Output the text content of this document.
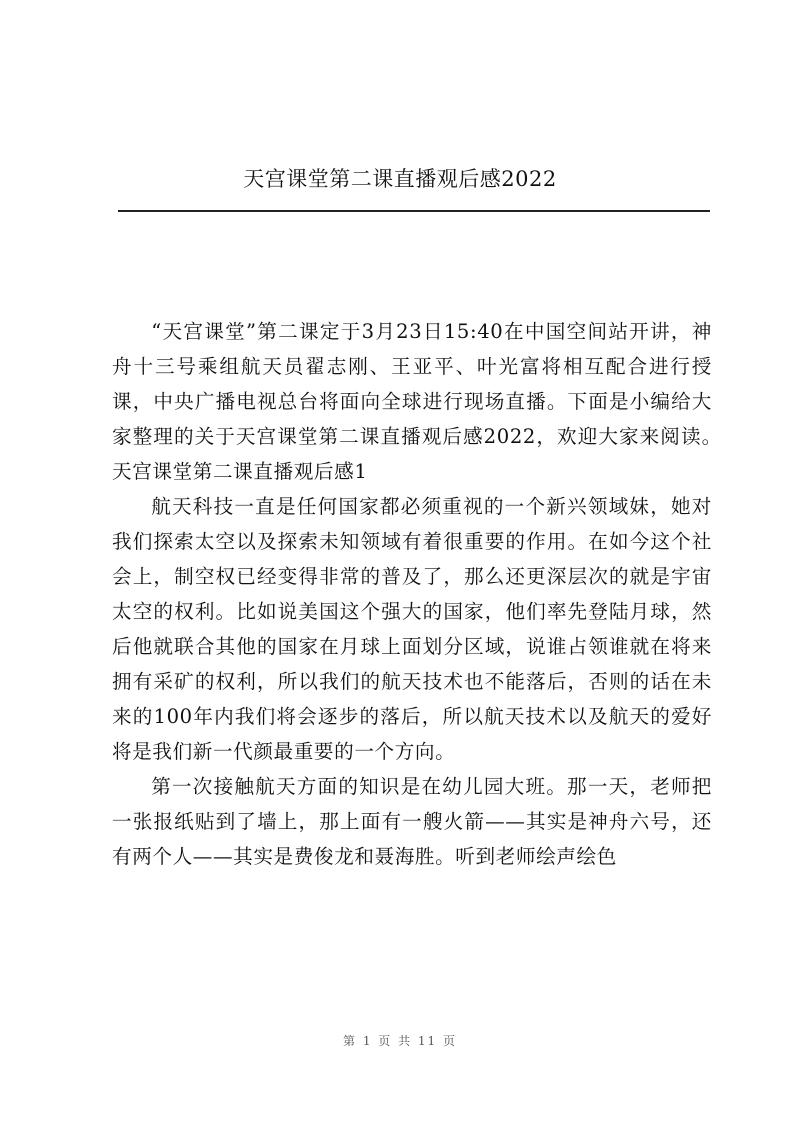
天宫课堂第二课直播观后感2022

“天宫课堂”第二课定于3月23日15:40在中国空间站开讲，神舟十三号乘组航天员翟志刚、王亚平、叶光富将相互配合进行授课，中央广播电视总台将面向全球进行现场直播。下面是小编给大家整理的关于天宫课堂第二课直播观后感2022，欢迎大家来阅读。　　天宫课堂第二课直播观后感1

航天科技一直是任何国家都必须重视的一个新兴领域妹，她对我们探索太空以及探索未知领域有着很重要的作用。在如今这个社会上，制空权已经变得非常的普及了，那么还更深层次的就是宇宙太空的权利。比如说美国这个强大的国家，他们率先登陆月球，然后他就联合其他的国家在月球上面划分区域，说谁占领谁就在将来拥有采矿的权利，所以我们的航天技术也不能落后，否则的话在未来的100年内我们将会逐步的落后，所以航天技术以及航天的爱好将是我们新一代颜最重要的一个方向。

第一次接触航天方面的知识是在幼儿园大班。那一天，老师把一张报纸贴到了墙上，那上面有一艘火箭——其实是神舟六号，还有两个人——其实是费俊龙和聂海胜。听到老师绘声绘色

第 1 页 共 11 页
